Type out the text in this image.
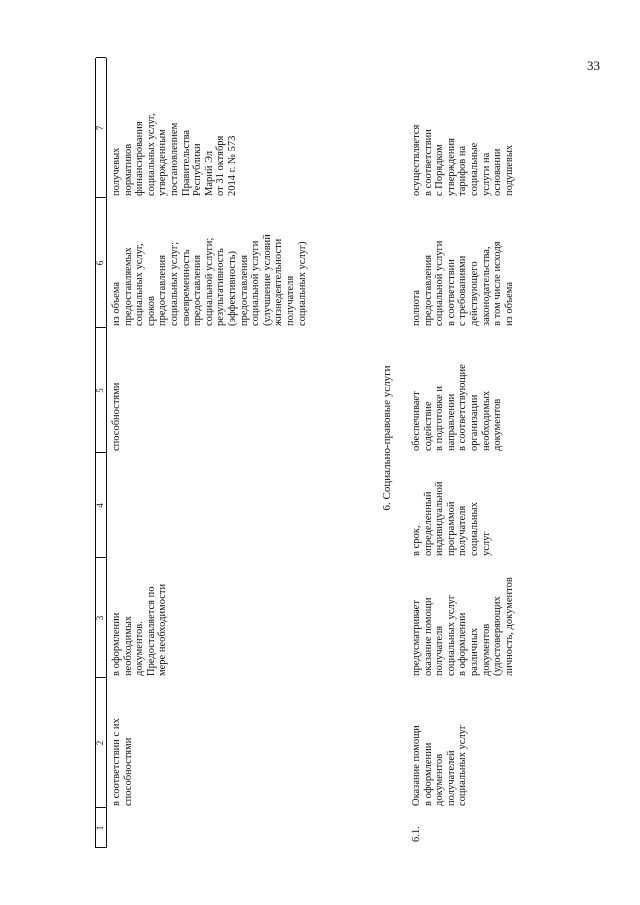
33
1
2
3
4
5
6
7
в соответствии с их
способностями
в оформлении
необходимых
документов.
Предоставляется по
мере необходимости
способностями
из объема
предоставляемых
социальных услуг,
сроков
предоставления
социальных услуг;
своевременность
предоставления
социальной услуги;
результативность
(эффективность)
предоставления
социальной услуги
(улучшение условий
жизнедеятельности
получателя
социальных услуг)
получевых
нормативов
финансирования
социальных услуг,
утвержденным
постановлением
Правительства
Республики
Марий Эл
от 31 октября
2014 г. № 573
6. Социально-правовые услуги
6.1.
Оказание помощи
в оформлении
документов
получателей
социальных услуг
предусматривает
оказание помощи
получателя
социальных услуг
в оформлении
различных
документов
(удостоверяющих
личность, документов
в срок,
определенный
индивидуальной
программой
получателя
социальных
услуг
обеспечивает
содействие
в подготовке и
направлении
в соответствующие
организации
необходимых
документов
полнота
предоставления
социальной услуги
в соответствии
с требованиями
действующего
законодательства,
в том числе исходя
из объема
осуществляется
в соответствии
с Порядком
утверждения
тарифов на
социальные
услуги на
основании
подушевых
